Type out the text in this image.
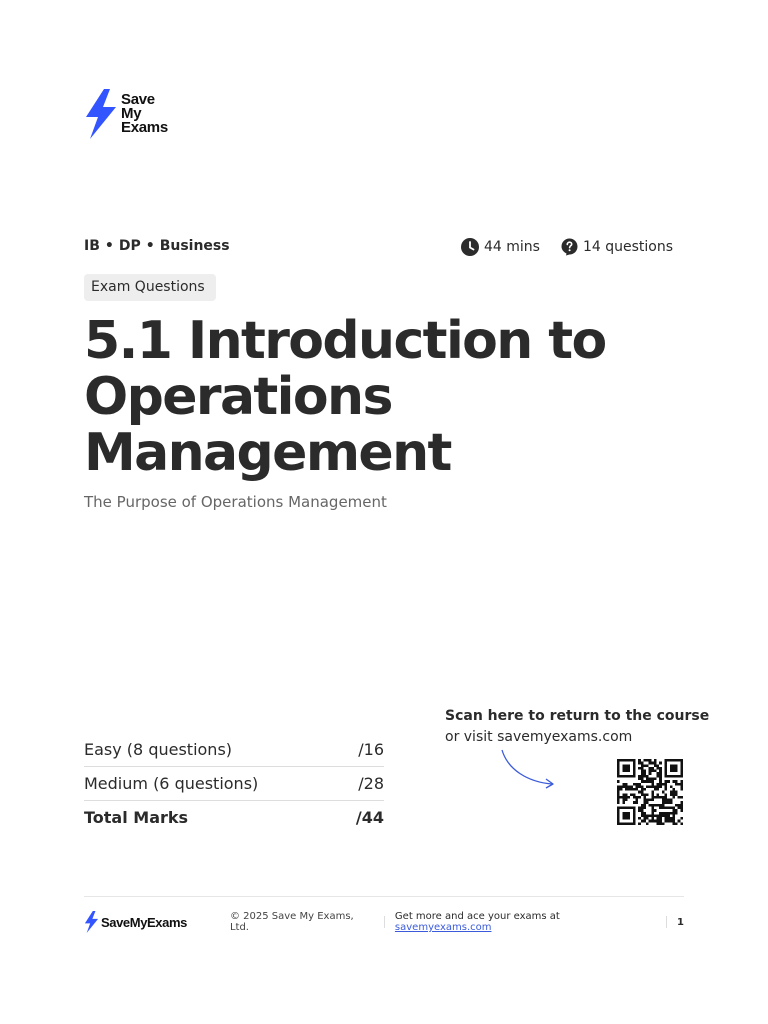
Save
My
Exams
IB • DP • Business	44 mins	14 questions
Exam Questions
5.1 Introduction to Operations Management
The Purpose of Operations Management
Easy (8 questions)	/16
Medium (6 questions)	/28
Total Marks	/44
Scan here to return to the course
or visit savemyexams.com
SaveMyExams	© 2025 Save My Exams, Ltd.
Get more and ace your exams at savemyexams.com	1
